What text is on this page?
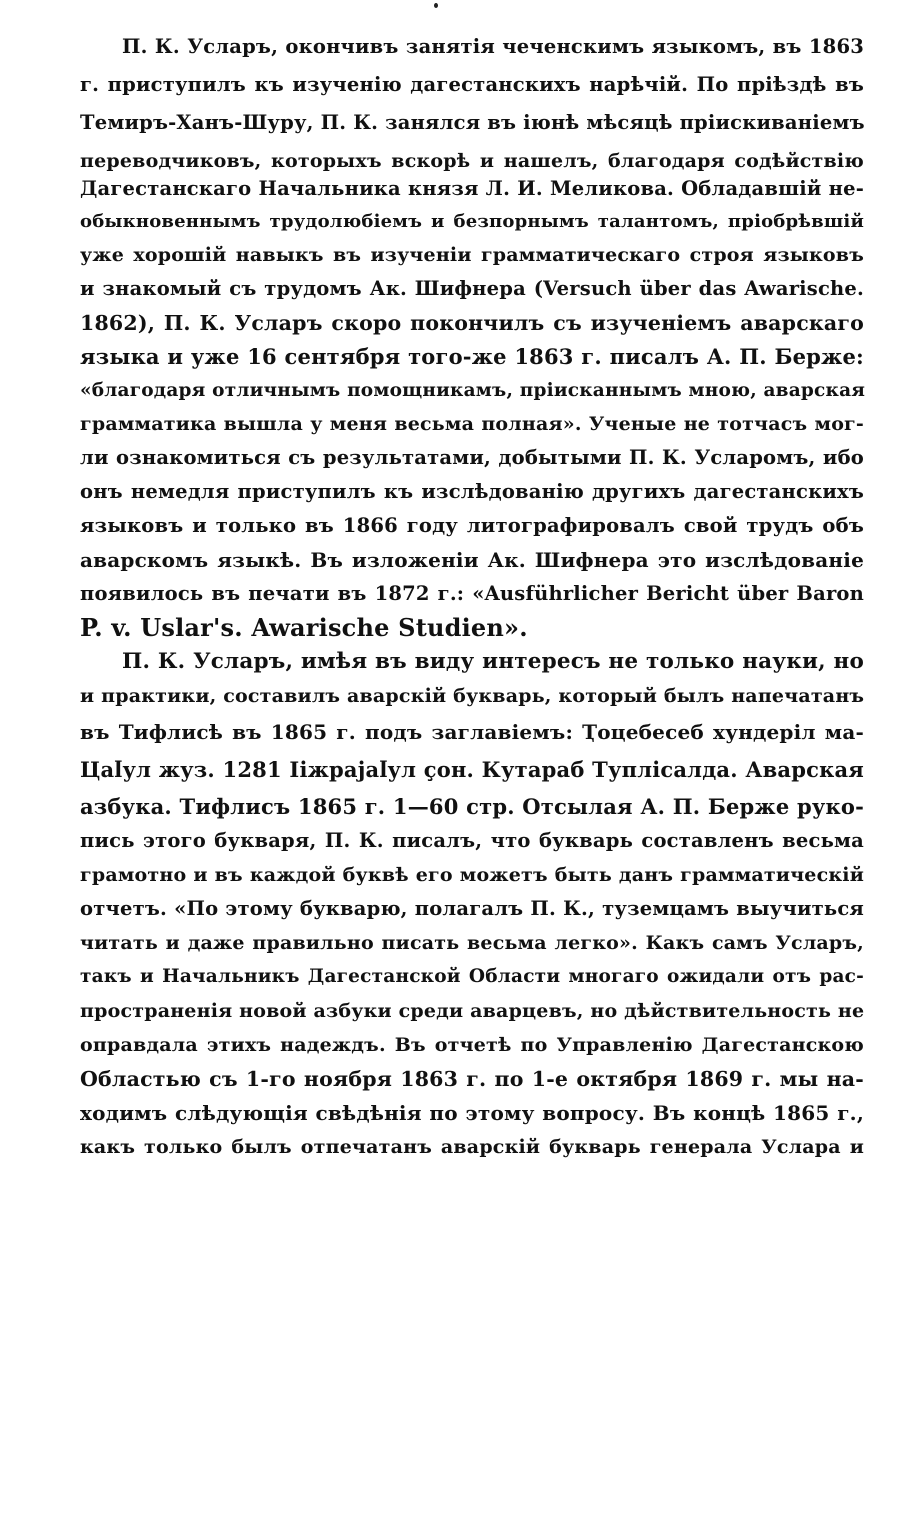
П. К. Усларъ, окончивъ занятія чеченскимъ языкомъ, въ 1863
г. приступилъ къ изученію дагестанскихъ нарѣчій. По прiѣздѣ въ
Темиръ-Ханъ-Шуру, П. К. занялся въ іюнѣ мѣсяцѣ пріискиваніемъ
переводчиковъ, которыхъ вскорѣ и нашелъ, благодаря содѣйствію
Дагестанскаго Начальника князя Л. И. Меликова. Обладавшій не-
обыкновеннымъ трудолюбіемъ и безпорнымъ талантомъ, пріобрѣвшій
уже хорошій навыкъ въ изученіи грамматическаго строя языковъ
и знакомый съ трудомъ Ак. Шифнера (Versuch über das Awarische.
1862), П. К. Усларъ скоро покончилъ съ изученіемъ аварскаго
языка и уже 16 сентября того-же 1863 г. писалъ А. П. Берже:
«благодаря отличнымъ помощникамъ, пріисканнымъ мною, аварская
грамматика вышла у меня весьма полная». Ученые не тотчасъ мог-
ли ознакомиться съ результатами, добытыми П. К. Усларомъ, ибо
онъ немедля приступилъ къ изслѣдованію другихъ дагестанскихъ
языковъ и только въ 1866 году литографировалъ свой трудъ объ
аварскомъ языкѣ. Въ изложеніи Ак. Шифнера это изслѣдованіе
появилось въ печати въ 1872 г.: «Ausführlicher Bericht über Baron
P. v. Uslar's. Awarische Studien».
П. К. Усларъ, имѣя въ виду интересъ не только науки, но
и практики, составилъ аварскій букварь, который былъ напечатанъ
въ Тифлисѣ въ 1865 г. подъ заглавіемъ: Ҭоцебесеб хундеріл ма-
Цаӏул жуз. 1281 Ӏіжраjаӏул ҫон. Кутараб Туплісалда. Аварская
азбука. Тифлисъ 1865 г. 1—60 стр. Отсылая А. П. Берже руко-
пись этого букваря, П. К. писалъ, что букварь составленъ весьма
грамотно и въ каждой буквѣ его можетъ быть данъ грамматическій
отчетъ. «По этому букварю, полагалъ П. К., туземцамъ выучиться
читать и даже правильно писать весьма легко». Какъ самъ Усларъ,
такъ и Начальникъ Дагестанской Области многаго ожидали отъ рас-
пространенія новой азбуки среди аварцевъ, но дѣйствительность не
оправдала этихъ надеждъ. Въ отчетѣ по Управленію Дагестанскою
Областью съ 1-го ноября 1863 г. по 1-е октября 1869 г. мы на-
ходимъ слѣдующія свѣдѣнія по этому вопросу. Въ концѣ 1865 г.,
какъ только былъ отпечатанъ аварскій букварь генерала Услара и
